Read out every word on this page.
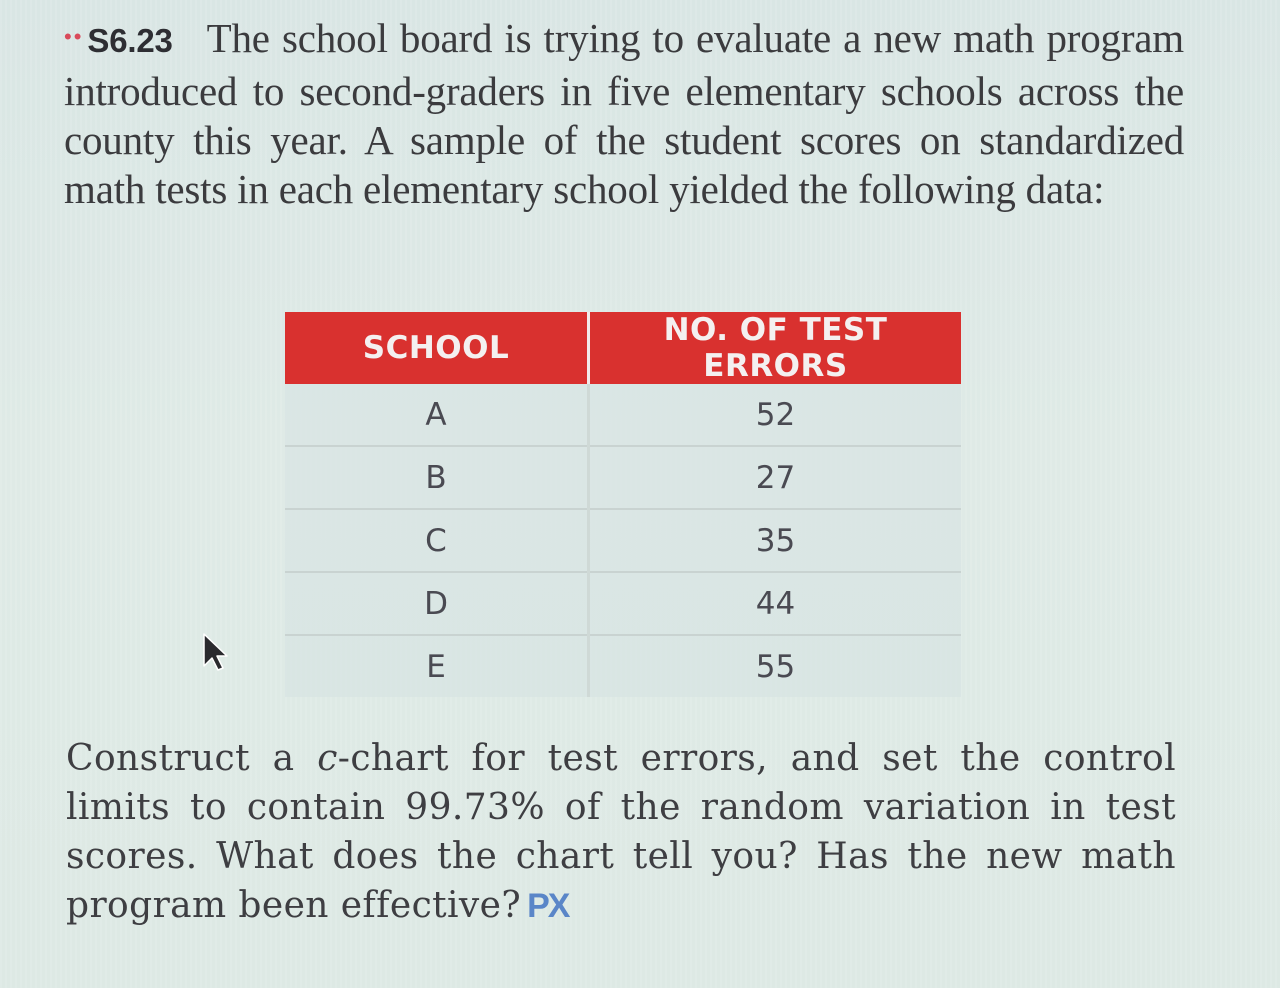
•• S6.23 The school board is trying to evaluate a new math program introduced to second-graders in five elementary schools across the county this year. A sample of the student scores on standardized math tests in each elementary school yielded the following data:

SCHOOL	NO. OF TEST ERRORS
A	52
B	27
C	35
D	44
E	55

Construct a c-chart for test errors, and set the control limits to contain 99.73% of the random variation in test scores. What does the chart tell you? Has the new math program been effective? PX
